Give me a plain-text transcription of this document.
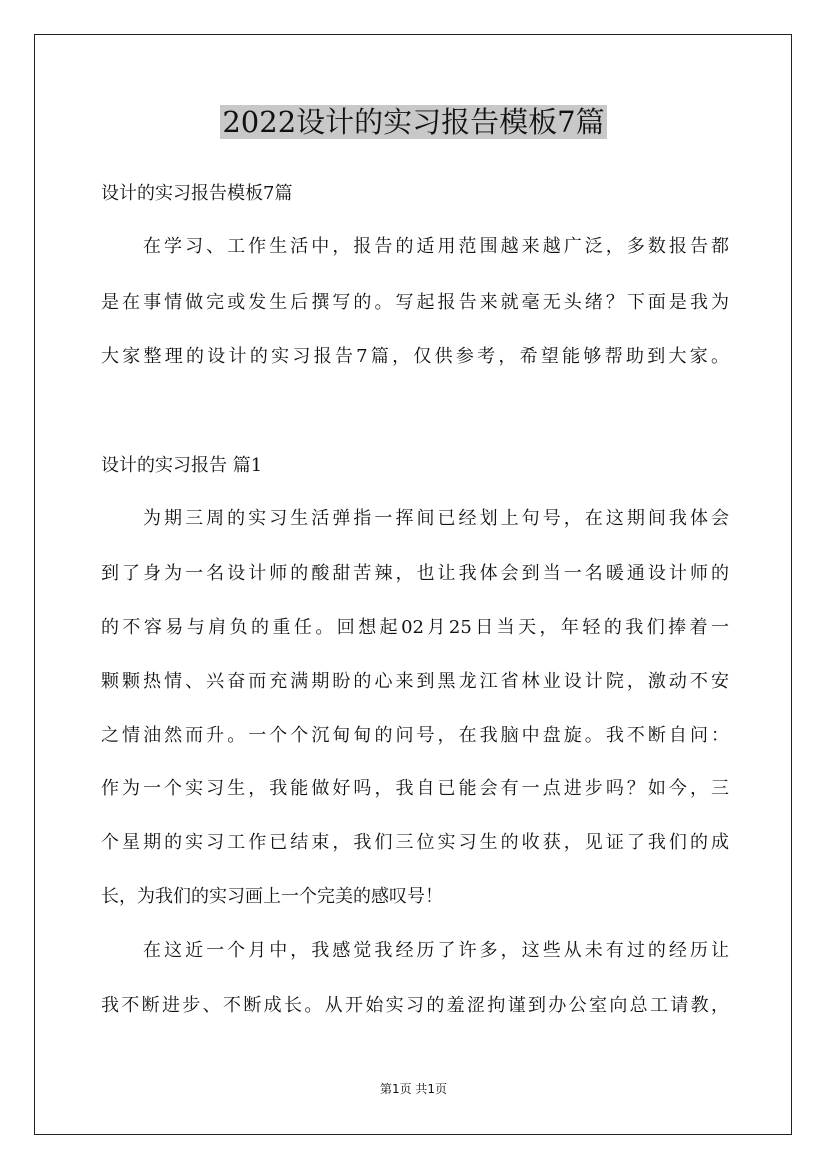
2022设计的实习报告模板7篇
设计的实习报告模板7篇
在学习、工作生活中，报告的适用范围越来越广泛，多数报告都
是在事情做完或发生后撰写的。写起报告来就毫无头绪？下面是我为
大家整理的设计的实习报告7篇，仅供参考，希望能够帮助到大家。
设计的实习报告 篇1
为期三周的实习生活弹指一挥间已经划上句号，在这期间我体会
到了身为一名设计师的酸甜苦辣，也让我体会到当一名暖通设计师的
的不容易与肩负的重任。回想起02月25日当天，年轻的我们捧着一
颗颗热情、兴奋而充满期盼的心来到黑龙江省林业设计院，激动不安
之情油然而升。一个个沉甸甸的问号，在我脑中盘旋。我不断自问：
作为一个实习生，我能做好吗，我自已能会有一点进步吗？如今，三
个星期的实习工作已结束，我们三位实习生的收获，见证了我们的成
长，为我们的实习画上一个完美的感叹号！
在这近一个月中，我感觉我经历了许多，这些从未有过的经历让
我不断进步、不断成长。从开始实习的羞涩拘谨到办公室向总工请教，
第1页 共1页
